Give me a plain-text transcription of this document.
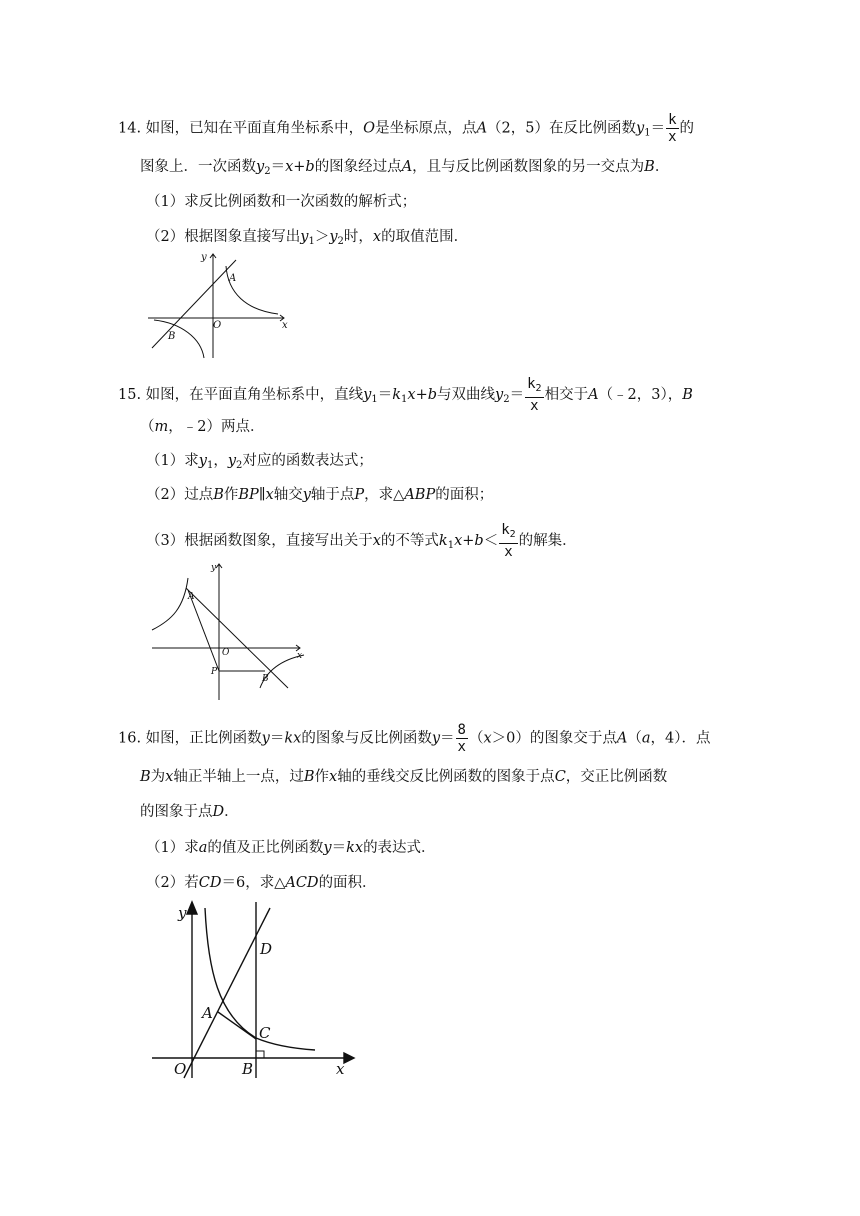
14. 如图，已知在平面直角坐标系中，O是坐标原点，点A（2，5）在反比例函数$y_1= \frac{k}{x}$ 的
图象上．一次函数$y_2=x+b$的图象经过点A，且与反比例函数图象的另一交点为B．
（1）求反比例函数和一次函数的解析式；
（2）根据图象直接写出$y_1>y_2$时，x的取值范围．
y
x
O
A
B
15. 如图，在平面直角坐标系中，直线$y_1=k_1x+b$与双曲线$y_2= \frac{k_2}{x}$ 相交于A（﹣2，3），B
（m，﹣2）两点．
（1）求$y_1$，$y_2$对应的函数表达式；
（2）过点B作BP∥x轴交y轴于点P，求△ABP的面积；
（3）根据函数图象，直接写出关于x的不等式$k_1x+b< \frac{k_2}{x}$ 的解集．
y
x
O
A
B
P
16. 如图，正比例函数y＝kx的图象与反比例函数$y= \frac{8}{x} (x>0)$的图象交于点A（a，4）．点
B为x轴正半轴上一点，过B作x轴的垂线交反比例函数的图象于点C，交正比例函数
的图象于点D．
（1）求a的值及正比例函数y＝kx的表达式．
（2）若CD＝6，求△ACD的面积．
y
x
O
A
B
C
D
